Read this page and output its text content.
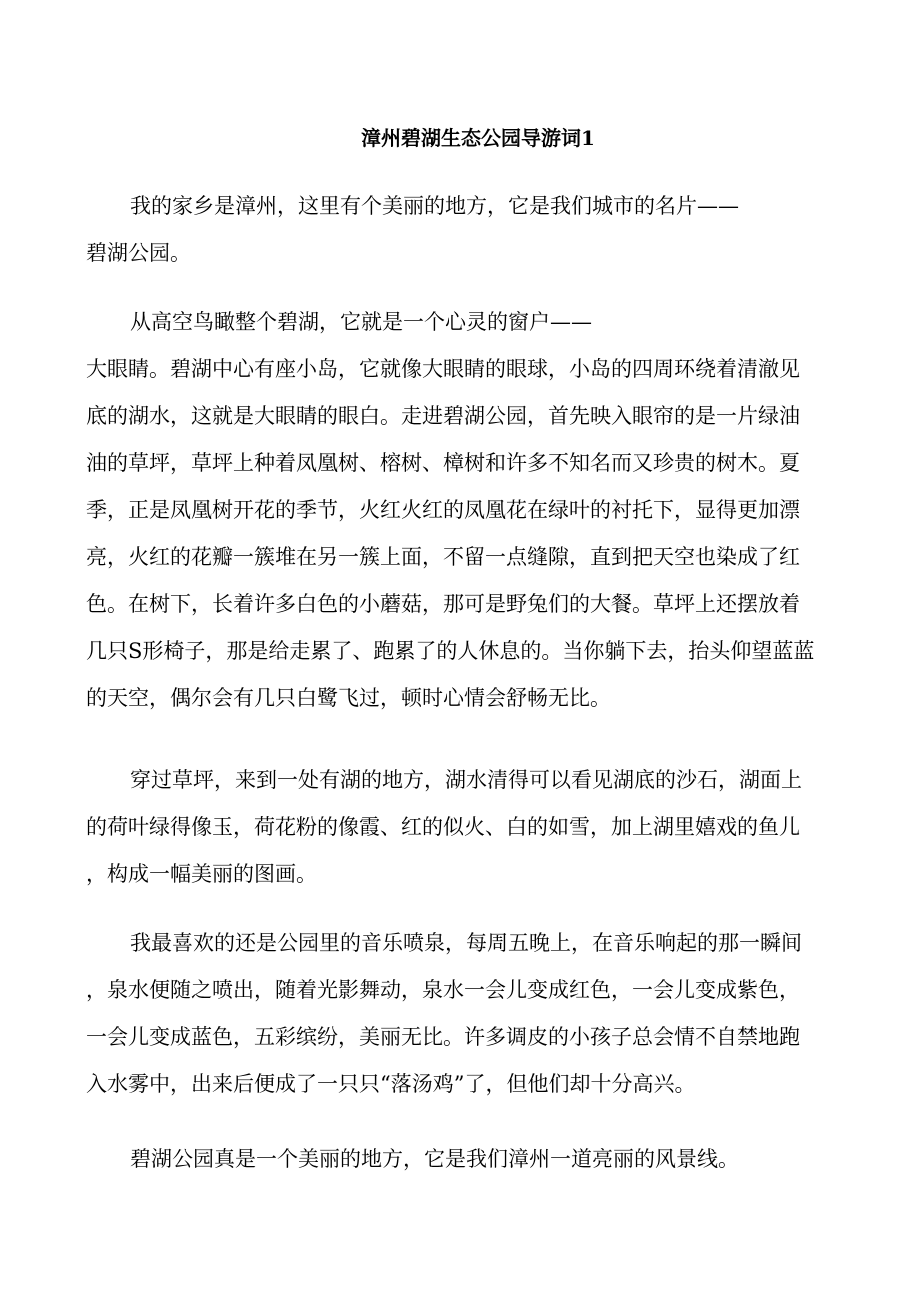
漳州碧湖生态公园导游词1
我的家乡是漳州，这里有个美丽的地方，它是我们城市的名片——
碧湖公园。
从高空鸟瞰整个碧湖，它就是一个心灵的窗户——
大眼睛。碧湖中心有座小岛，它就像大眼睛的眼球，小岛的四周环绕着清澈见
底的湖水，这就是大眼睛的眼白。走进碧湖公园，首先映入眼帘的是一片绿油
油的草坪，草坪上种着凤凰树、榕树、樟树和许多不知名而又珍贵的树木。夏
季，正是凤凰树开花的季节，火红火红的凤凰花在绿叶的衬托下，显得更加漂
亮，火红的花瓣一簇堆在另一簇上面，不留一点缝隙，直到把天空也染成了红
色。在树下，长着许多白色的小蘑菇，那可是野兔们的大餐。草坪上还摆放着
几只S形椅子，那是给走累了、跑累了的人休息的。当你躺下去，抬头仰望蓝蓝
的天空，偶尔会有几只白鹭飞过，顿时心情会舒畅无比。
穿过草坪，来到一处有湖的地方，湖水清得可以看见湖底的沙石，湖面上
的荷叶绿得像玉，荷花粉的像霞、红的似火、白的如雪，加上湖里嬉戏的鱼儿
，构成一幅美丽的图画。
我最喜欢的还是公园里的音乐喷泉，每周五晚上，在音乐响起的那一瞬间
，泉水便随之喷出，随着光影舞动，泉水一会儿变成红色，一会儿变成紫色，
一会儿变成蓝色，五彩缤纷，美丽无比。许多调皮的小孩子总会情不自禁地跑
入水雾中，出来后便成了一只只“落汤鸡”了，但他们却十分高兴。
碧湖公园真是一个美丽的地方，它是我们漳州一道亮丽的风景线。
